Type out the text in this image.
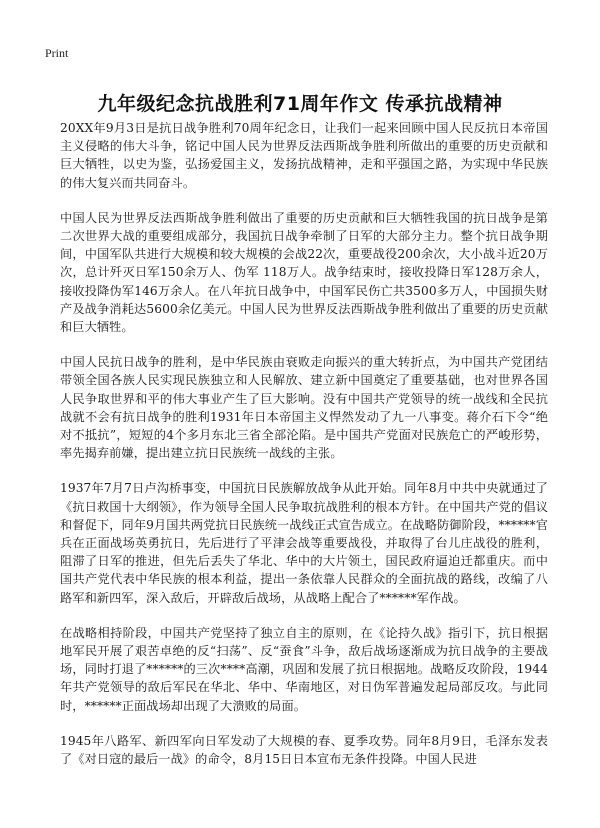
Print
九年级纪念抗战胜利71周年作文 传承抗战精神

20XX年9月3日是抗日战争胜利70周年纪念日，让我们一起来回顾中国人民反抗日本帝国主义侵略的伟大斗争，铭记中国人民为世界反法西斯战争胜利所做出的重要的历史贡献和巨大牺牲，以史为鉴，弘扬爱国主义，发扬抗战精神，走和平强国之路，为实现中华民族的伟大复兴而共同奋斗。

中国人民为世界反法西斯战争胜利做出了重要的历史贡献和巨大牺牲我国的抗日战争是第二次世界大战的重要组成部分，我国抗日战争牵制了日军的大部分主力。整个抗日战争期间，中国军队共进行大规模和较大规模的会战22次，重要战役200余次，大小战斗近20万次，总计歼灭日军150余万人、伪军 118万人。战争结束时，接收投降日军128万余人，接收投降伪军146万余人。在八年抗日战争中，中国军民伤亡共3500多万人，中国损失财产及战争消耗达5600余亿美元。中国人民为世界反法西斯战争胜利做出了重要的历史贡献和巨大牺牲。

中国人民抗日战争的胜利，是中华民族由衰败走向振兴的重大转折点，为中国共产党团结带领全国各族人民实现民族独立和人民解放、建立新中国奠定了重要基础，也对世界各国人民争取世界和平的伟大事业产生了巨大影响。没有中国共产党领导的统一战线和全民抗战就不会有抗日战争的胜利1931年日本帝国主义悍然发动了九一八事变。蒋介石下令“绝对不抵抗”，短短的4个多月东北三省全部沦陷。是中国共产党面对民族危亡的严峻形势，率先揭弃前嫌，提出建立抗日民族统一战线的主张。

1937年7月7日卢沟桥事变，中国抗日民族解放战争从此开始。同年8月中共中央就通过了《抗日救国十大纲领》，作为领导全国人民争取抗战胜利的根本方针。在中国共产党的倡议和督促下，同年9月国共两党抗日民族统一战线正式宣告成立。在战略防御阶段，******官兵在正面战场英勇抗日，先后进行了平津会战等重要战役，并取得了台儿庄战役的胜利，阻滞了日军的推进，但先后丢失了华北、华中的大片领土，国民政府逼迫迁都重庆。而中国共产党代表中华民族的根本利益，提出一条依靠人民群众的全面抗战的路线，改编了八路军和新四军，深入敌后，开辟敌后战场，从战略上配合了******军作战。

在战略相持阶段，中国共产党坚持了独立自主的原则，在《论持久战》指引下，抗日根据地军民开展了艰苦卓绝的反“扫荡”、反“蚕食”斗争，敌后战场逐渐成为抗日战争的主要战场，同时打退了******的三次****高潮，巩固和发展了抗日根据地。战略反攻阶段，1944年共产党领导的敌后军民在华北、华中、华南地区，对日伪军普遍发起局部反攻。与此同时，******正面战场却出现了大溃败的局面。

1945年八路军、新四军向日军发动了大规模的春、夏季攻势。同年8月9日，毛泽东发表了《对日寇的最后一战》的命令，8月15日日本宣布无条件投降。中国人民进
